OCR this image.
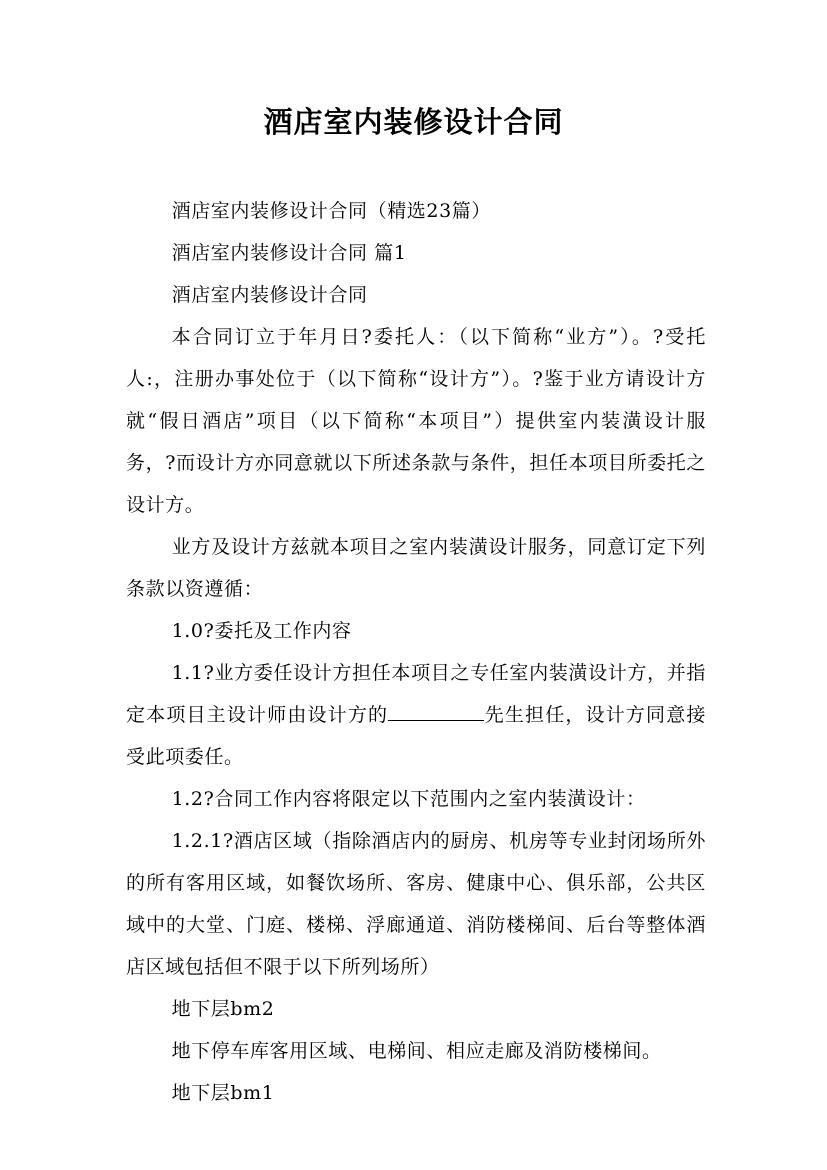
酒店室内装修设计合同

酒店室内装修设计合同（精选23篇）

酒店室内装修设计合同 篇1

酒店室内装修设计合同

本合同订立于年月日?委托人：（以下简称“业方”）。?受托人:，注册办事处位于（以下简称“设计方”）。?鉴于业方请设计方就“假日酒店”项目（以下简称“本项目”）提供室内装潢设计服务，?而设计方亦同意就以下所述条款与条件，担任本项目所委托之设计方。

业方及设计方兹就本项目之室内装潢设计服务，同意订定下列条款以资遵循：

1.0?委托及工作内容

1.1?业方委任设计方担任本项目之专任室内装潢设计方，并指定本项目主设计师由设计方的	先生担任，设计方同意接受此项委任。

1.2?合同工作内容将限定以下范围内之室内装潢设计：

1.2.1?酒店区域（指除酒店内的厨房、机房等专业封闭场所外的所有客用区域，如餐饮场所、客房、健康中心、俱乐部，公共区域中的大堂、门庭、楼梯、浮廊通道、消防楼梯间、后台等整体酒店区域包括但不限于以下所列场所）

地下层bm2

地下停车库客用区域、电梯间、相应走廊及消防楼梯间。

地下层bm1
